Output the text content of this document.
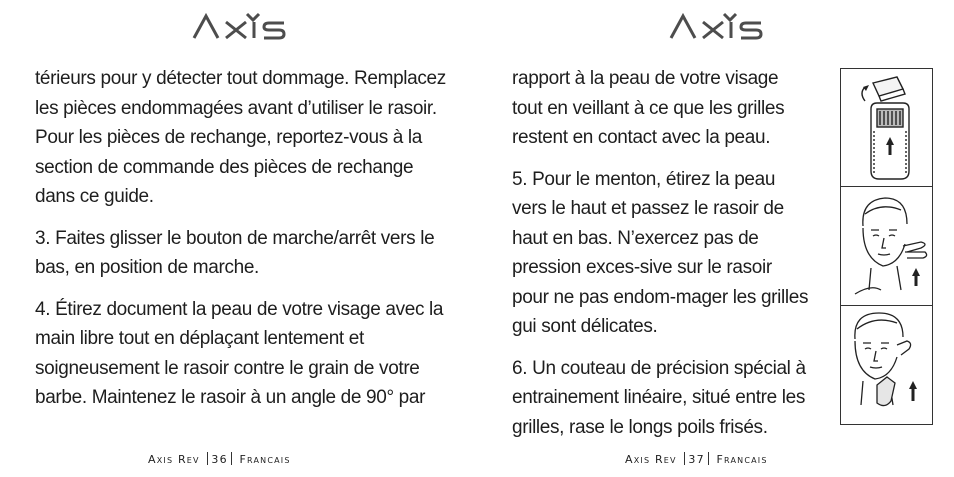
térieurs pour y détecter tout dommage. Remplacez les pièces endommagées avant d’utiliser le rasoir. Pour les pièces de rechange, reportez-vous à la section de commande des pièces de rechange dans ce guide.

3. Faites glisser le bouton de marche/arrêt vers le bas, en position de marche.

4. Étirez document la peau de votre visage avec la main libre tout en déplaçant lentement et soigneusement le rasoir contre le grain de votre barbe. Maintenez le rasoir à un angle de 90° par

Axis Rev 36 Francais

rapport à la peau de votre visage tout en veillant à ce que les grilles restent en contact avec la peau.

5. Pour le menton, étirez la peau vers le haut et passez le rasoir de haut en bas. N’exercez pas de pression exces-sive sur le rasoir pour ne pas endom-mager les grilles gui sont délicates.

6. Un couteau de précision spécial à entrainement linéaire, situé entre les grilles, rase le longs poils frisés.

Axis Rev 37 Francais
